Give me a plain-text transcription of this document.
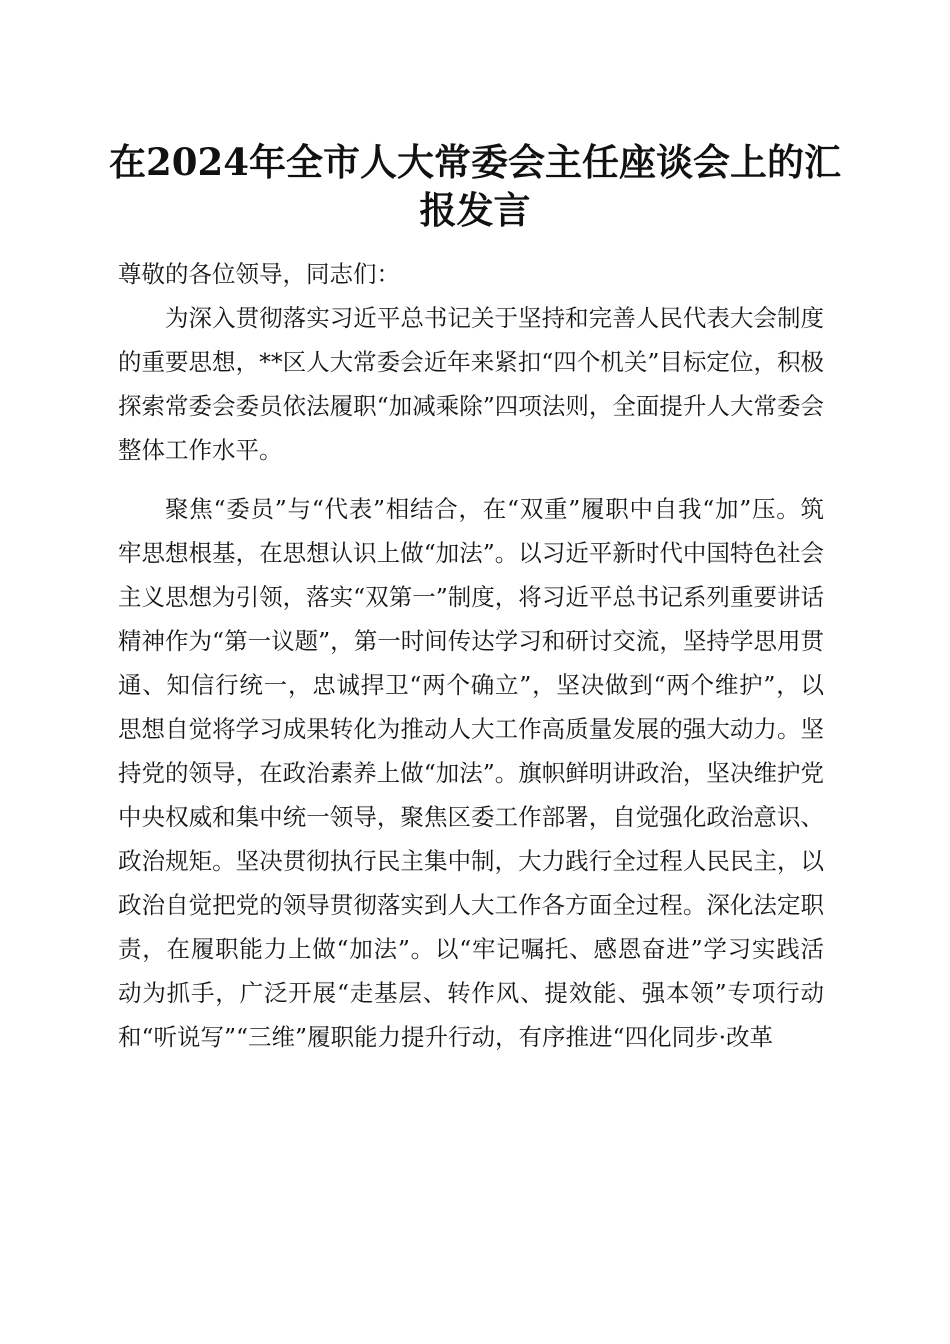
在2024年全市人大常委会主任座谈会上的汇报发言

尊敬的各位领导，同志们：

为深入贯彻落实习近平总书记关于坚持和完善人民代表大会制度的重要思想，**区人大常委会近年来紧扣“四个机关”目标定位，积极探索常委会委员依法履职“加减乘除”四项法则，全面提升人大常委会整体工作水平。

聚焦“委员”与“代表”相结合，在“双重”履职中自我“加”压。筑牢思想根基，在思想认识上做“加法”。以习近平新时代中国特色社会主义思想为引领，落实“双第一”制度，将习近平总书记系列重要讲话精神作为“第一议题”，第一时间传达学习和研讨交流，坚持学思用贯通、知信行统一，忠诚捍卫“两个确立”，坚决做到“两个维护”，以思想自觉将学习成果转化为推动人大工作高质量发展的强大动力。坚持党的领导，在政治素养上做“加法”。旗帜鲜明讲政治，坚决维护党中央权威和集中统一领导，聚焦区委工作部署，自觉强化政治意识、政治规矩。坚决贯彻执行民主集中制，大力践行全过程人民民主，以政治自觉把党的领导贯彻落实到人大工作各方面全过程。深化法定职责，在履职能力上做“加法”。以“牢记嘱托、感恩奋进”学习实践活动为抓手，广泛开展“走基层、转作风、提效能、强本领”专项行动和“听说写”“三维”履职能力提升行动，有序推进“四化同步·改革
